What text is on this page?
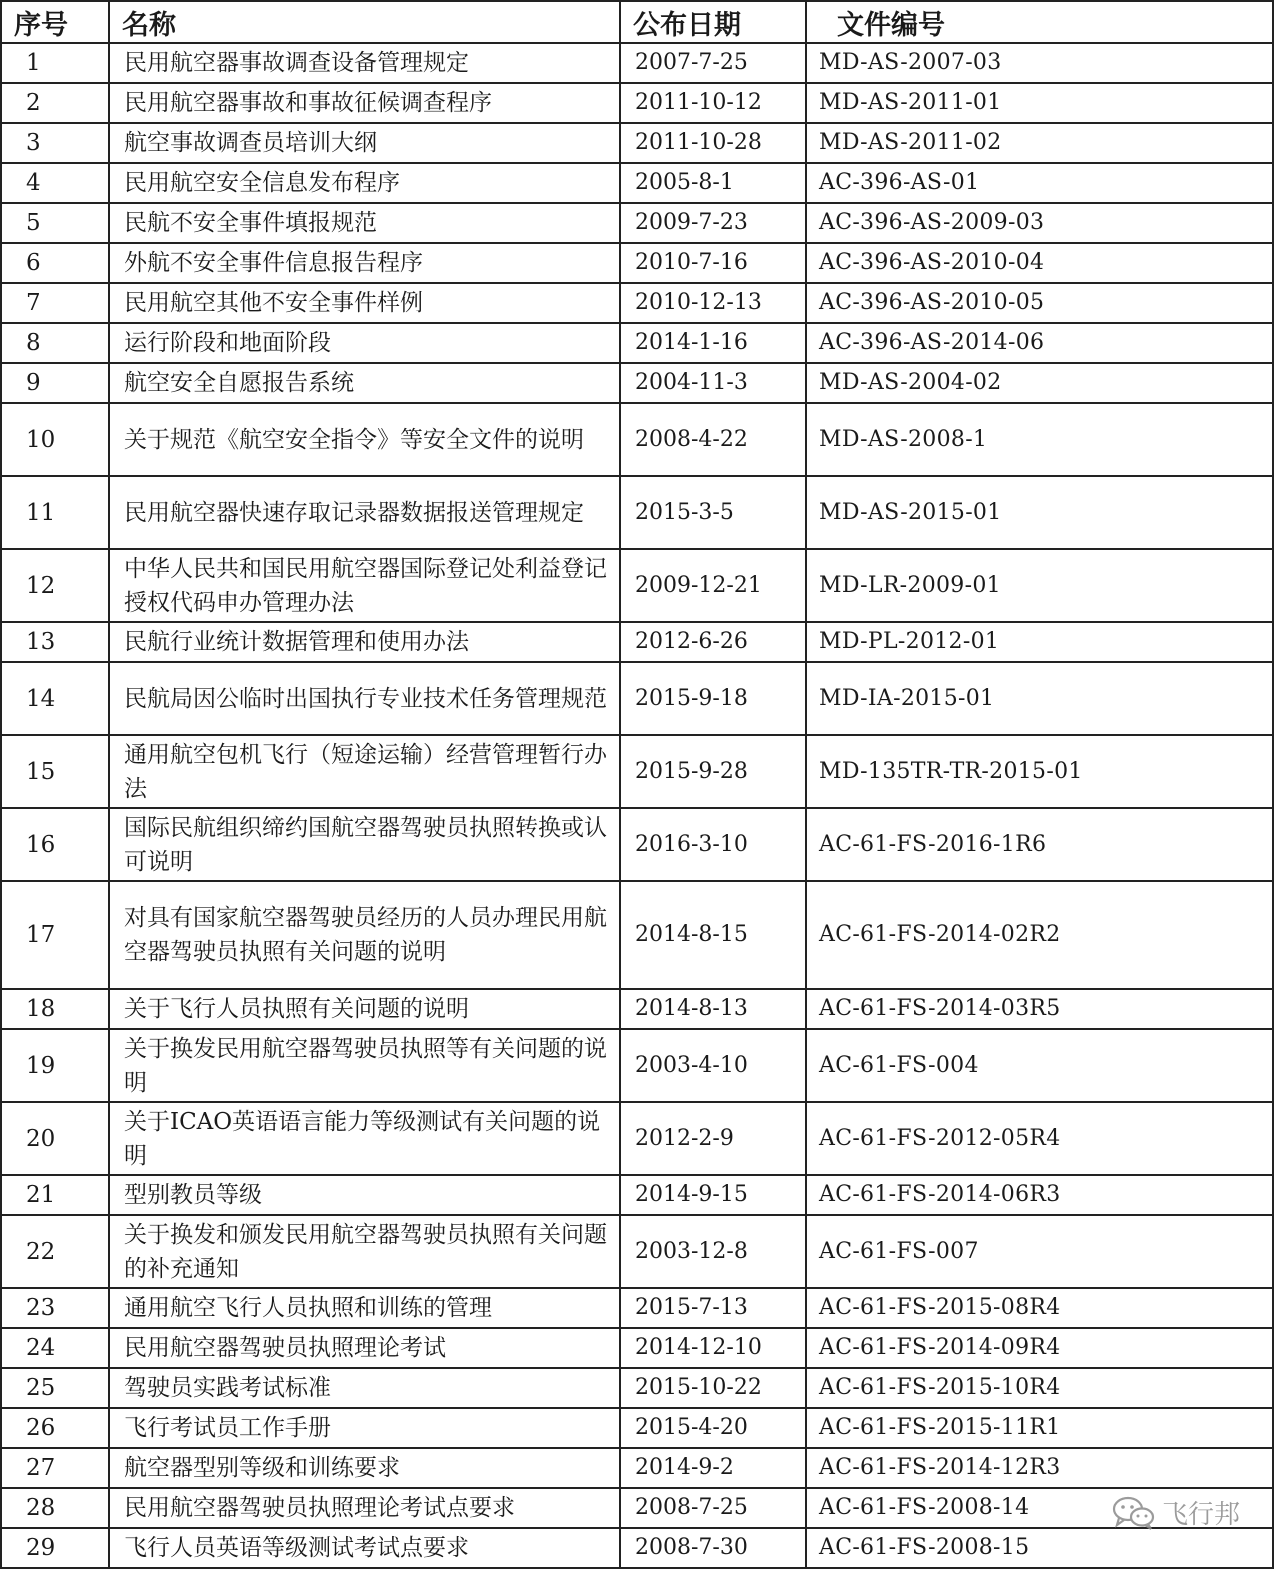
序号	名称	公布日期	文件编号
1	民用航空器事故调查设备管理规定	2007-7-25	MD-AS-2007-03
2	民用航空器事故和事故征候调查程序	2011-10-12	MD-AS-2011-01
3	航空事故调查员培训大纲	2011-10-28	MD-AS-2011-02
4	民用航空安全信息发布程序	2005-8-1	AC-396-AS-01
5	民航不安全事件填报规范	2009-7-23	AC-396-AS-2009-03
6	外航不安全事件信息报告程序	2010-7-16	AC-396-AS-2010-04
7	民用航空其他不安全事件样例	2010-12-13	AC-396-AS-2010-05
8	运行阶段和地面阶段	2014-1-16	AC-396-AS-2014-06
9	航空安全自愿报告系统	2004-11-3	MD-AS-2004-02
10	关于规范《航空安全指令》等安全文件的说明	2008-4-22	MD-AS-2008-1
11	民用航空器快速存取记录器数据报送管理规定	2015-3-5	MD-AS-2015-01
12	中华人民共和国民用航空器国际登记处利益登记授权代码申办管理办法	2009-12-21	MD-LR-2009-01
13	民航行业统计数据管理和使用办法	2012-6-26	MD-PL-2012-01
14	民航局因公临时出国执行专业技术任务管理规范	2015-9-18	MD-IA-2015-01
15	通用航空包机飞行（短途运输）经营管理暂行办法	2015-9-28	MD-135TR-TR-2015-01
16	国际民航组织缔约国航空器驾驶员执照转换或认可说明	2016-3-10	AC-61-FS-2016-1R6
17	对具有国家航空器驾驶员经历的人员办理民用航空器驾驶员执照有关问题的说明	2014-8-15	AC-61-FS-2014-02R2
18	关于飞行人员执照有关问题的说明	2014-8-13	AC-61-FS-2014-03R5
19	关于换发民用航空器驾驶员执照等有关问题的说明	2003-4-10	AC-61-FS-004
20	关于ICAO英语语言能力等级测试有关问题的说明	2012-2-9	AC-61-FS-2012-05R4
21	型别教员等级	2014-9-15	AC-61-FS-2014-06R3
22	关于换发和颁发民用航空器驾驶员执照有关问题的补充通知	2003-12-8	AC-61-FS-007
23	通用航空飞行人员执照和训练的管理	2015-7-13	AC-61-FS-2015-08R4
24	民用航空器驾驶员执照理论考试	2014-12-10	AC-61-FS-2014-09R4
25	驾驶员实践考试标准	2015-10-22	AC-61-FS-2015-10R4
26	飞行考试员工作手册	2015-4-20	AC-61-FS-2015-11R1
27	航空器型别等级和训练要求	2014-9-2	AC-61-FS-2014-12R3
28	民用航空器驾驶员执照理论考试点要求	2008-7-25	AC-61-FS-2008-14
29	飞行人员英语等级测试考试点要求	2008-7-30	AC-61-FS-2008-15
飞行邦
